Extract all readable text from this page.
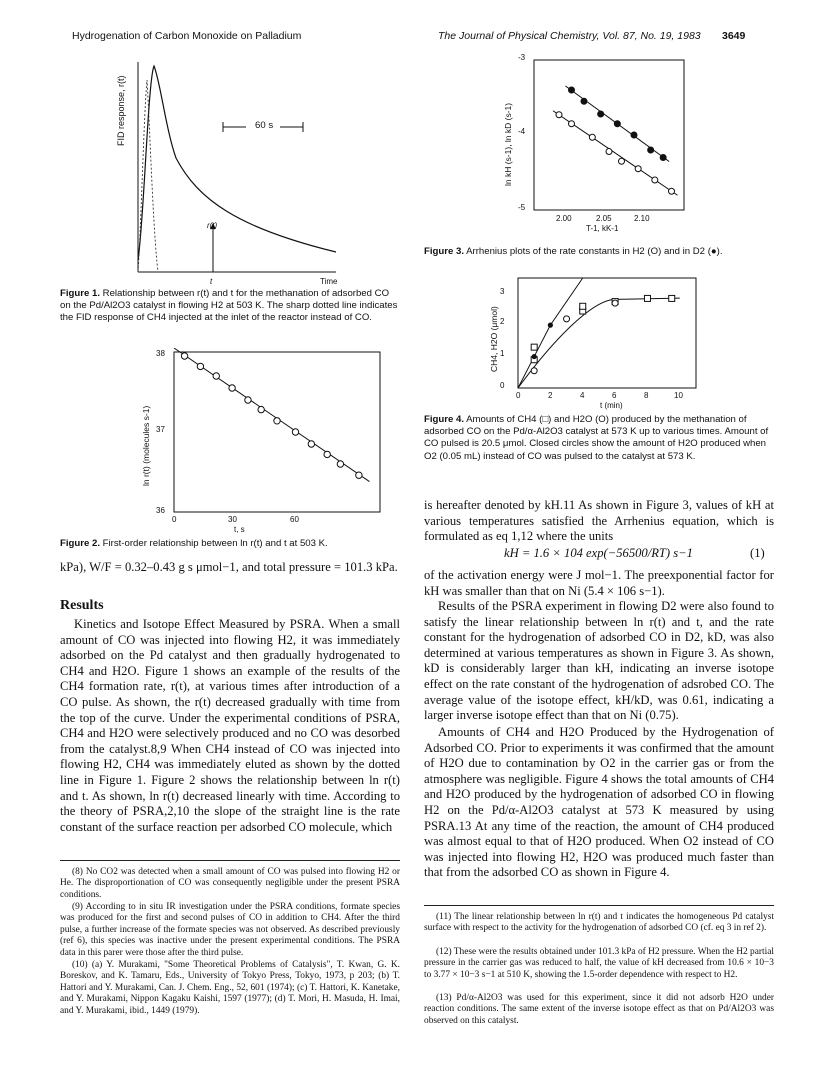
Hydrogenation of Carbon Monoxide on Palladium	The Journal of Physical Chemistry, Vol. 87, No. 19, 1983 3649
FID response, r(t)	60 s
r(t)
t	Time
Figure 1. Relationship between r(t) and t for the methanation of adsorbed CO on the Pd/Al2O3 catalyst in flowing H2 at 503 K. The sharp dotted line indicates the FID response of CH4 injected at the inlet of the reactor instead of CO.
38
37
36
0	30	60
t, s
ln r(t) (molecules s-1)
Figure 2. First-order relationship between ln r(t) and t at 503 K.
kPa), W/F = 0.32–0.43 g s μmol−1, and total pressure = 101.3 kPa.
Results
Kinetics and Isotope Effect Measured by PSRA. When a small amount of CO was injected into flowing H2, it was immediately adsorbed on the Pd catalyst and then gradually hydrogenated to CH4 and H2O. Figure 1 shows an example of the results of the CH4 formation rate, r(t), at various times after introduction of a CO pulse. As shown, the r(t) decreased gradually with time from the top of the curve. Under the experimental conditions of PSRA, CH4 and H2O were selectively produced and no CO was desorbed from the catalyst.8,9 When CH4 instead of CO was injected into flowing H2, CH4 was immediately eluted as shown by the dotted line in Figure 1. Figure 2 shows the relationship between ln r(t) and t. As shown, ln r(t) decreased linearly with time. According to the theory of PSRA,2,10 the slope of the straight line is the rate constant of the surface reaction per adsorbed CO molecule, which
(8) No CO2 was detected when a small amount of CO was pulsed into flowing H2 or He. The disproportionation of CO was consequently negligible under the present PSRA conditions.
(9) According to in situ IR investigation under the PSRA conditions, formate species was produced for the first and second pulses of CO in addition to CH4. After the third pulse, a further increase of the formate species was not observed. As described previously (ref 6), this species was inactive under the present experimental conditions. The PSRA data in this parer were those after the third pulse.
(10) (a) Y. Murakami, "Some Theoretical Problems of Catalysis", T. Kwan, G. K. Boreskov, and K. Tamaru, Eds., University of Tokyo Press, Tokyo, 1973, p 203; (b) T. Hattori and Y. Murakami, Can. J. Chem. Eng., 52, 601 (1974); (c) T. Hattori, K. Kanetake, and Y. Murakami, Nippon Kagaku Kaishi, 1597 (1977); (d) T. Mori, H. Masuda, H. Imai, and Y. Murakami, ibid., 1449 (1979).
-3
-4
-5
2.00	2.05	2.10
T-1, kK-1
ln kH (s-1), ln kD (s-1)
Figure 3. Arrhenius plots of the rate constants in H2 (O) and in D2 (●).
3
2
1
0
0	2	4	6	8	10
t (min)
CH4, H2O (μmol)
Figure 4. Amounts of CH4 (□) and H2O (O) produced by the methanation of adsorbed CO on the Pd/α-Al2O3 catalyst at 573 K up to various times. Amount of CO pulsed is 20.5 μmol. Closed circles show the amount of H2O produced when O2 (0.05 mL) instead of CO was pulsed to the catalyst at 573 K.
is hereafter denoted by kH.11 As shown in Figure 3, values of kH at various temperatures satisfied the Arrhenius equation, which is formulated as eq 1,12 where the units
kH = 1.6 × 104 exp(−56500/RT) s−1	(1)
of the activation energy were J mol−1. The preexponential factor for kH was smaller than that on Ni (5.4 × 106 s−1).
Results of the PSRA experiment in flowing D2 were also found to satisfy the linear relationship between ln r(t) and t, and the rate constant for the hydrogenation of adsorbed CO in D2, kD, was also determined at various temperatures as shown in Figure 3. As shown, kD is considerably larger than kH, indicating an inverse isotope effect on the rate constant of the hydrogenation of adsrobed CO. The average value of the isotope effect, kH/kD, was 0.61, indicating a larger inverse isotope effect than that on Ni (0.75).
Amounts of CH4 and H2O Produced by the Hydrogenation of Adsorbed CO. Prior to experiments it was confirmed that the amount of H2O due to contamination by O2 in the carrier gas or from the atmosphere was negligible. Figure 4 shows the total amounts of CH4 and H2O produced by the hydrogenation of adsorbed CO in flowing H2 on the Pd/α-Al2O3 catalyst at 573 K measured by using PSRA.13 At any time of the reaction, the amount of CH4 produced was almost equal to that of H2O produced. When O2 instead of CO was injected into flowing H2, H2O was produced much faster than that from the adsorbed CO as shown in Figure 4.
(11) The linear relationship between ln r(t) and t indicates the homogeneous Pd catalyst surface with respect to the activity for the hydrogenation of adsorbed CO (cf. eq 3 in ref 2).
(12) These were the results obtained under 101.3 kPa of H2 pressure. When the H2 partial pressure in the carrier gas was reduced to half, the value of kH decreased from 10.6 × 10−3 to 3.77 × 10−3 s−1 at 510 K, showing the 1.5-order dependence with respect to H2.
(13) Pd/α-Al2O3 was used for this experiment, since it did not adsorb H2O under reaction conditions. The same extent of the inverse isotope effect as that on Pd/Al2O3 was observed on this catalyst.
